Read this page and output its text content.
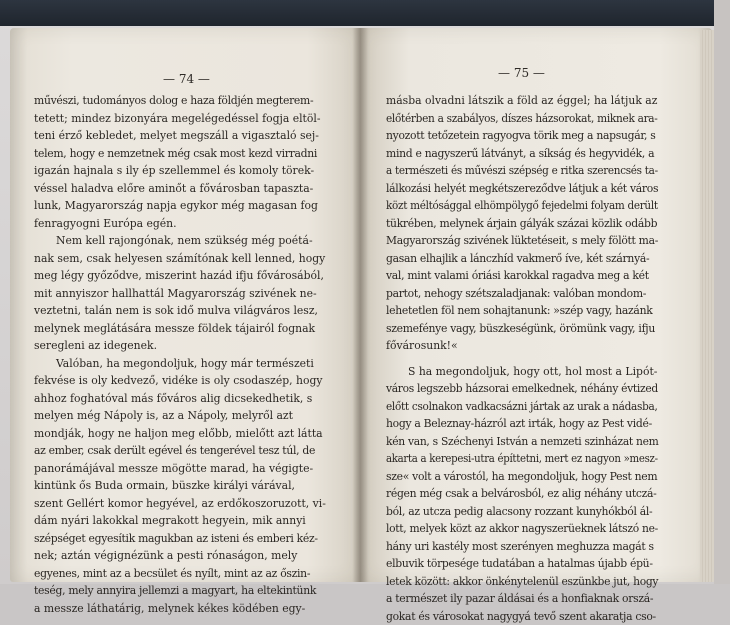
— 74 —	— 75 —
művészi, tudományos dolog e haza földjén megterem-
tetett; mindez bizonyára megelégedéssel fogja eltöl-
teni érző kebledet, melyet megszáll a vigasztaló sej-
telem, hogy e nemzetnek még csak most kezd virradni
igazán hajnala s ily ép szellemmel és komoly törek-
véssel haladva előre aminőt a fővárosban tapaszta-
lunk, Magyarország napja egykor még magasan fog
fenragyogni Európa egén.
Nem kell rajongónak, nem szükség még poétá-
nak sem, csak helyesen számítónak kell lenned, hogy
meg légy győződve, miszerint hazád ifju fővárosából,
mit annyiszor hallhattál Magyarország szivének ne-
veztetni, talán nem is sok idő mulva világváros lesz,
melynek meglátására messze földek tájairól fognak
seregleni az idegenek.
Valóban, ha megondoljuk, hogy már természeti
fekvése is oly kedvező, vidéke is oly csodaszép, hogy
ahhoz foghatóval más főváros alig dicsekedhetik, s
melyen még Nápoly is, az a Nápoly, melyről azt
mondják, hogy ne haljon meg előbb, mielőtt azt látta
az ember, csak derült egével és tengerével tesz túl, de
panorámájával messze mögötte marad, ha végigte-
kintünk ős Buda ormain, büszke királyi várával,
szent Gellért komor hegyével, az erdőkoszoruzott, vi-
dám nyári lakokkal megrakott hegyein, mik annyi
szépséget egyesítik magukban az isteni és emberi kéz-
nek; aztán végignézünk a pesti rónaságon, mely
egyenes, mint az a becsület és nyílt, mint az az őszin-
teség, mely annyira jellemzi a magyart, ha eltekintünk
a messze láthatárig, melynek kékes ködében egy-
másba olvadni látszik a föld az éggel; ha látjuk az
előtérben a szabályos, díszes házsorokat, miknek ara-
nyozott tetőzetein ragyogva törik meg a napsugár, s
mind e nagyszerű látványt, a síkság és hegyvidék, a
a természeti és művészi szépség e ritka szerencsés ta-
lálkozási helyét megkétszereződve látjuk a két város
közt méltósággal elhömpölygő fejedelmi folyam derült
tükrében, melynek árjain gályák százai közlik odább
Magyarország szivének lüktetéseit, s mely fölött ma-
gasan elhajlik a lánczhíd vakmerő íve, két szárnyá-
val, mint valami óriási karokkal ragadva meg a két
partot, nehogy szétszaladjanak: valóban mondom-
lehetetlen föl nem sohajtanunk: »szép vagy, hazánk
szemefénye vagy, büszkeségünk, örömünk vagy, ifju
fővárosunk!«
S ha megondoljuk, hogy ott, hol most a Lipót-
város legszebb házsorai emelkednek, néhány évtized
előtt csolnakon vadkacsázni jártak az urak a nádasba,
hogy a Beleznay-házról azt irták, hogy az Pest vidé-
kén van, s Széchenyi István a nemzeti szinházat nem
akarta a kerepesi-utra építtetni, mert ez nagyon »mesz-
sze« volt a várostól, ha megondoljuk, hogy Pest nem
régen még csak a belvárosból, ez alig néhány utczá-
ból, az utcza pedig alacsony rozzant kunyhókból ál-
lott, melyek közt az akkor nagyszerüeknek látszó ne-
hány uri kastély most szerényen meghuzza magát s
elbuvik törpesége tudatában a hatalmas újabb épü-
letek között: akkor önkénytelenül eszünkbe jut, hogy
a természet ily pazar áldásai és a honfiaknak orszá-
gokat és városokat nagygyá tevő szent akaratja cso-
